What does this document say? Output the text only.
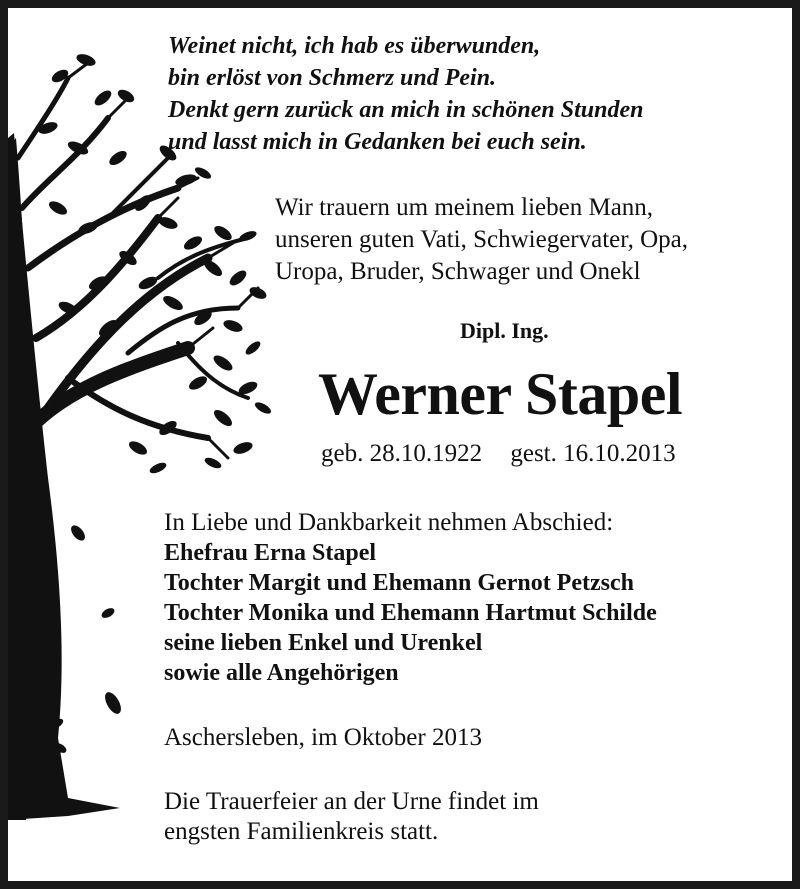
Weinet nicht, ich hab es überwunden,
bin erlöst von Schmerz und Pein.
Denkt gern zurück an mich in schönen Stunden
und lasst mich in Gedanken bei euch sein.
Wir trauern um meinem lieben Mann,
unseren guten Vati, Schwiegervater, Opa,
Uropa, Bruder, Schwager und Onekl
Dipl. Ing.
Werner Stapel
geb. 28.10.1922 gest. 16.10.2013
In Liebe und Dankbarkeit nehmen Abschied:
Ehefrau Erna Stapel
Tochter Margit und Ehemann Gernot Petzsch
Tochter Monika und Ehemann Hartmut Schilde
seine lieben Enkel und Urenkel
sowie alle Angehörigen
Aschersleben, im Oktober 2013
Die Trauerfeier an der Urne findet im
engsten Familienkreis statt.
